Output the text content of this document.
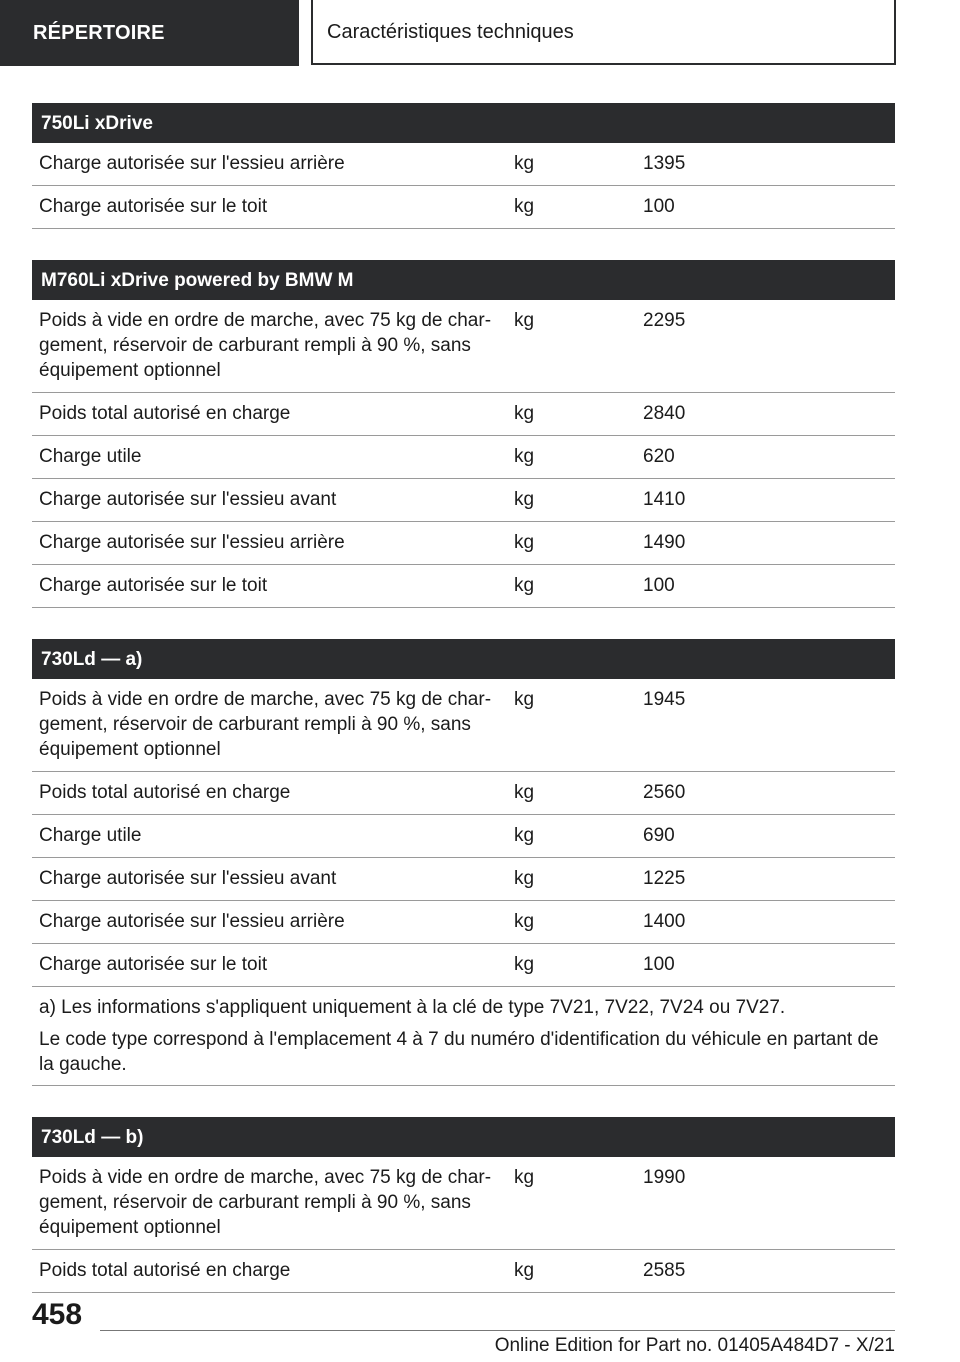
RÉPERTOIRE	Caractéristiques techniques
750Li xDrive
Charge autorisée sur l'essieu arrière	kg	1395
Charge autorisée sur le toit	kg	100
M760Li xDrive powered by BMW M
Poids à vide en ordre de marche, avec 75 kg de char-
gement, réservoir de carburant rempli à 90 %, sans
équipement optionnel
kg	2295
Poids total autorisé en charge	kg	2840
Charge utile	kg	620
Charge autorisée sur l'essieu avant	kg	1410
Charge autorisée sur l'essieu arrière	kg	1490
Charge autorisée sur le toit	kg	100
730Ld — a)
Poids à vide en ordre de marche, avec 75 kg de char-
gement, réservoir de carburant rempli à 90 %, sans
équipement optionnel
kg	1945
Poids total autorisé en charge	kg	2560
Charge utile	kg	690
Charge autorisée sur l'essieu avant	kg	1225
Charge autorisée sur l'essieu arrière	kg	1400
Charge autorisée sur le toit	kg	100

a) Les informations s'appliquent uniquement à la clé de type 7V21, 7V22, 7V24 ou 7V27.

Le code type correspond à l'emplacement 4 à 7 du numéro d'identification du véhicule en partant de la gauche.

730Ld — b)
Poids à vide en ordre de marche, avec 75 kg de char-
gement, réservoir de carburant rempli à 90 %, sans
équipement optionnel
kg	1990
Poids total autorisé en charge	kg	2585
458
Online Edition for Part no. 01405A484D7 - X/21
